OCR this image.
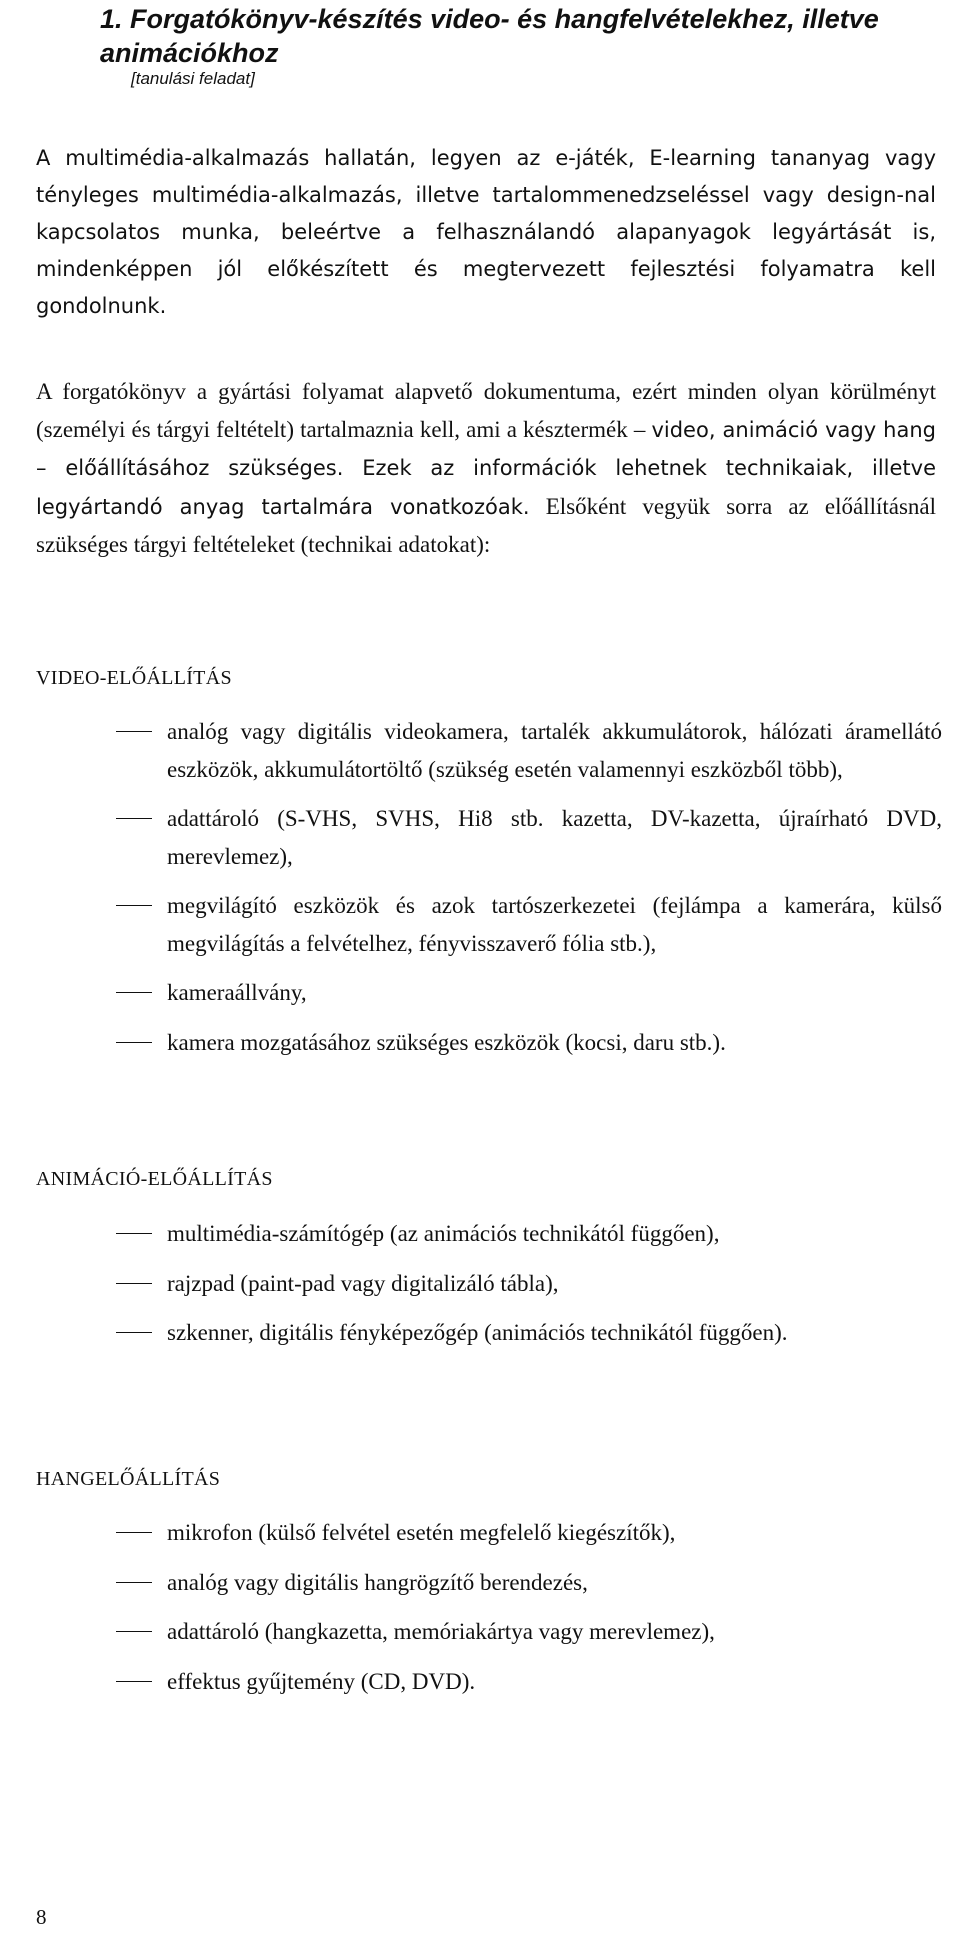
1. Forgatókönyv-készítés video- és hangfelvételekhez, illetve animációkhoz
[tanulási feladat]

A multimédia-alkalmazás hallatán, legyen az e-játék, E-learning tananyag vagy tényleges multimédia-alkalmazás, illetve tartalommenedzseléssel vagy design-nal kapcsolatos munka, beleértve a felhasználandó alapanyagok legyártását is, mindenképpen jól előkészített és megtervezett fejlesztési folyamatra kell gondolnunk.

A forgatókönyv a gyártási folyamat alapvető dokumentuma, ezért minden olyan körülményt (személyi és tárgyi feltételt) tartalmaznia kell, ami a késztermék – video, animáció vagy hang – előállításához szükséges. Ezek az információk lehetnek technikaiak, illetve legyártandó anyag tartalmára vonatkozóak. Elsőként vegyük sorra az előállításnál szükséges tárgyi feltételeket (technikai adatokat):

VIDEO-ELŐÁLLÍTÁS
analóg vagy digitális videokamera, tartalék akkumulátorok, hálózati áramellátó eszközök, akkumulátortöltő (szükség esetén valamennyi eszközből több),
adattároló (S-VHS, SVHS, Hi8 stb. kazetta, DV-kazetta, újraírható DVD, merevlemez),
megvilágító eszközök és azok tartószerkezetei (fejlámpa a kamerára, külső megvilágítás a felvételhez, fényvisszaverő fólia stb.),
kameraállvány,
kamera mozgatásához szükséges eszközök (kocsi, daru stb.).
ANIMÁCIÓ-ELŐÁLLÍTÁS
multimédia-számítógép (az animációs technikától függően),
rajzpad (paint-pad vagy digitalizáló tábla),
szkenner, digitális fényképezőgép (animációs technikától függően).
HANGELŐÁLLÍTÁS
mikrofon (külső felvétel esetén megfelelő kiegészítők),
analóg vagy digitális hangrögzítő berendezés,
adattároló (hangkazetta, memóriakártya vagy merevlemez),
effektus gyűjtemény (CD, DVD).
8
